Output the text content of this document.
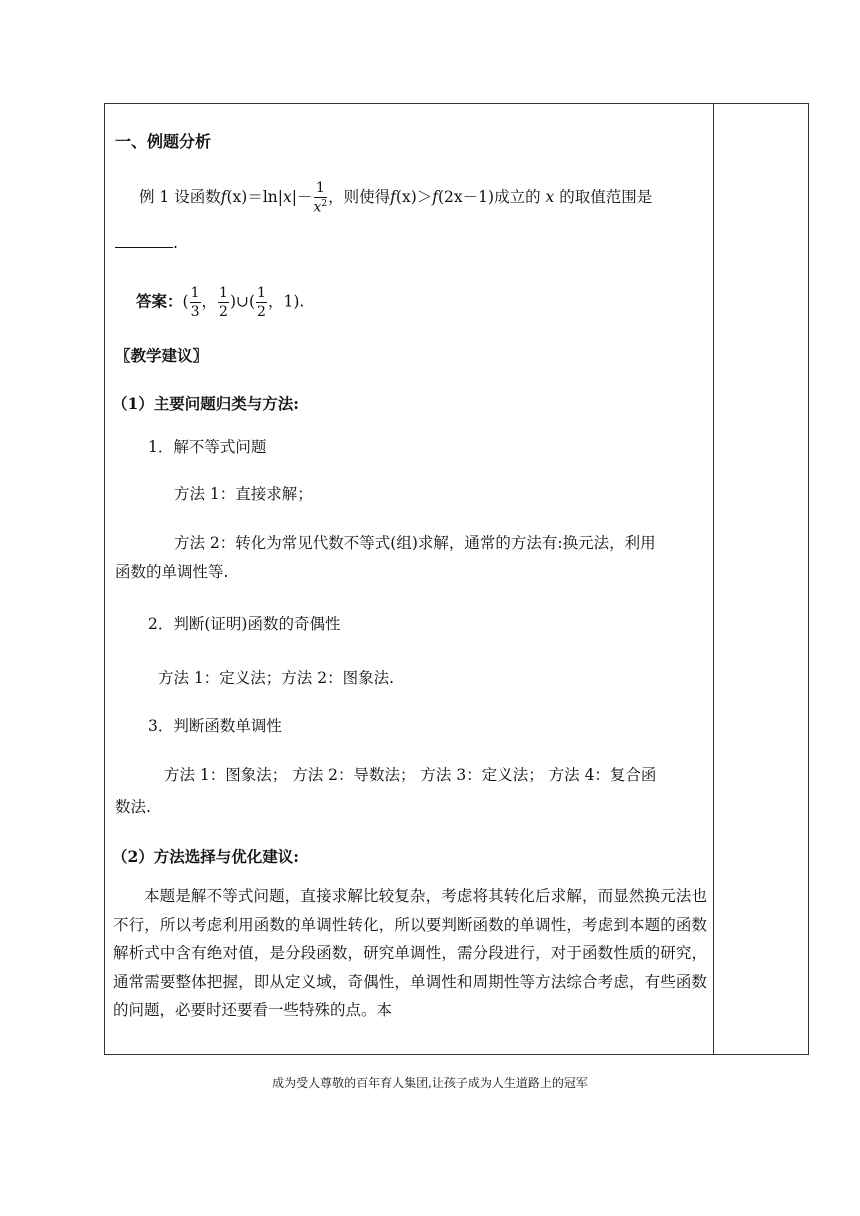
一、例题分析
例 1 设函数$f(x)=\ln|x|- \frac{1}{x^2}$ ，则使得f(x)＞f(2x－1)成立的 x 的取值范围是
.
答案：( $\frac{1}{3}$ ， $\frac{1}{2}$ )∪( $\frac{1}{2}$ ，1).
〖教学建议〗
（1）主要问题归类与方法:
1．解不等式问题
方法 1：直接求解；
方法 2：转化为常见代数不等式(组)求解，通常的方法有:换元法，利用
函数的单调性等.
2．判断(证明)函数的奇偶性
方法 1：定义法；方法 2：图象法.
3．判断函数单调性
方法 1：图象法； 方法 2：导数法； 方法 3：定义法； 方法 4：复合函
数法.
（2）方法选择与优化建议:
本题是解不等式问题，直接求解比较复杂，考虑将其转化后求解，而显然换元法也不行，所以考虑利用函数的单调性转化，所以要判断函数的单调性，考虑到本题的函数解析式中含有绝对值，是分段函数，研究单调性，需分段进行，对于函数性质的研究，通常需要整体把握，即从定义域，奇偶性，单调性和周期性等方法综合考虑，有些函数的问题，必要时还要看一些特殊的点。本
成为受人尊敬的百年育人集团,让孩子成为人生道路上的冠军
